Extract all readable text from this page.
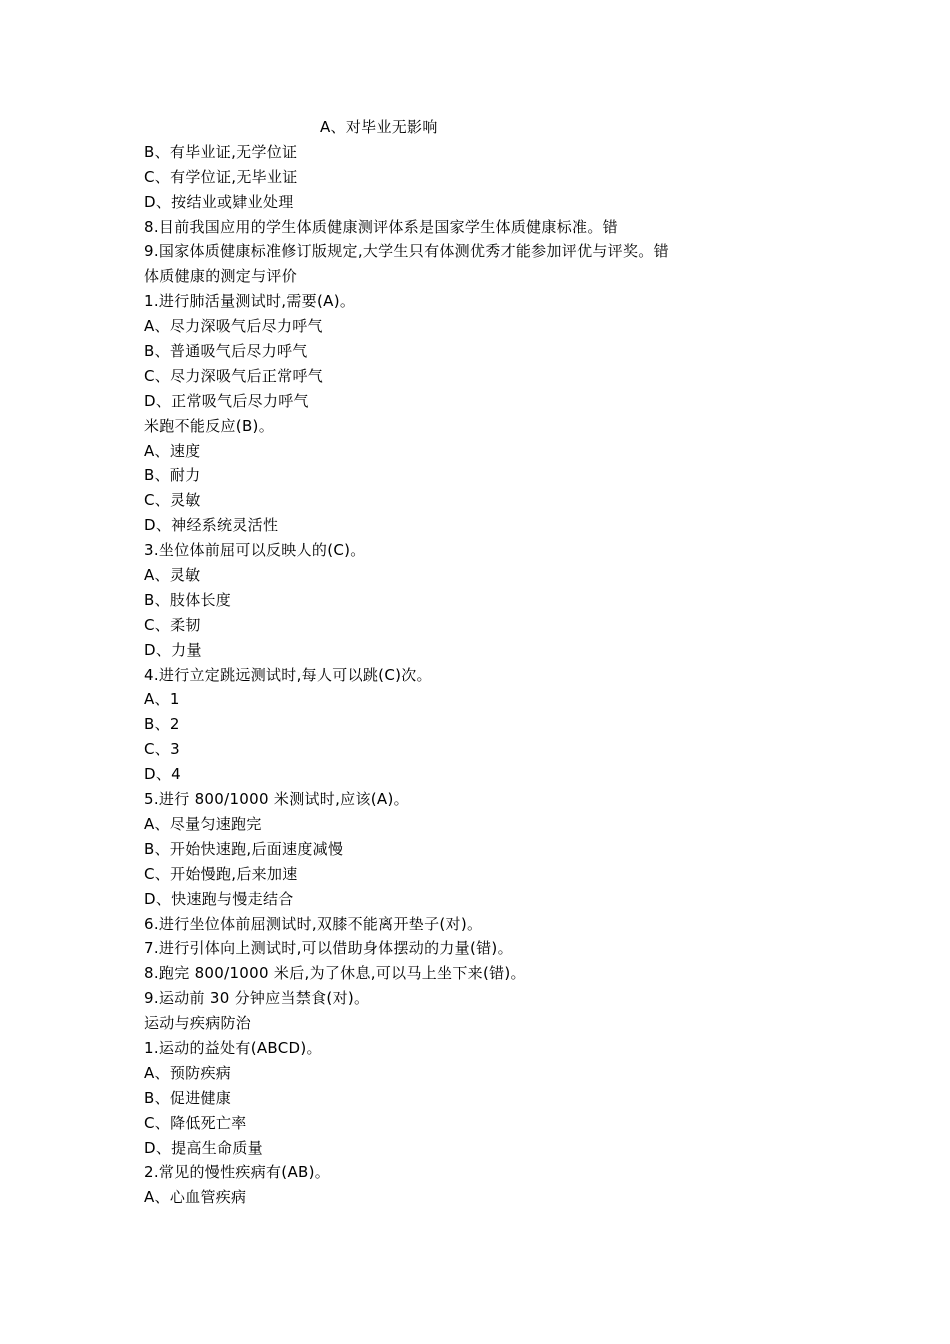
A、对毕业无影响
B、有毕业证,无学位证
C、有学位证,无毕业证
D、按结业或肄业处理
8.目前我国应用的学生体质健康测评体系是国家学生体质健康标准。错
9.国家体质健康标准修订版规定,大学生只有体测优秀才能参加评优与评奖。错
体质健康的测定与评价
1.进行肺活量测试时,需要(A)。
A、尽力深吸气后尽力呼气
B、普通吸气后尽力呼气
C、尽力深吸气后正常呼气
D、正常吸气后尽力呼气
米跑不能反应(B)。
A、速度
B、耐力
C、灵敏
D、神经系统灵活性
3.坐位体前屈可以反映人的(C)。
A、灵敏
B、肢体长度
C、柔韧
D、力量
4.进行立定跳远测试时,每人可以跳(C)次。
A、1
B、2
C、3
D、4
5.进行 800/1000 米测试时,应该(A)。
A、尽量匀速跑完
B、开始快速跑,后面速度减慢
C、开始慢跑,后来加速
D、快速跑与慢走结合
6.进行坐位体前屈测试时,双膝不能离开垫子(对)。
7.进行引体向上测试时,可以借助身体摆动的力量(错)。
8.跑完 800/1000 米后,为了休息,可以马上坐下来(错)。
9.运动前 30 分钟应当禁食(对)。
运动与疾病防治
1.运动的益处有(ABCD)。
A、预防疾病
B、促进健康
C、降低死亡率
D、提高生命质量
2.常见的慢性疾病有(AB)。
A、心血管疾病
